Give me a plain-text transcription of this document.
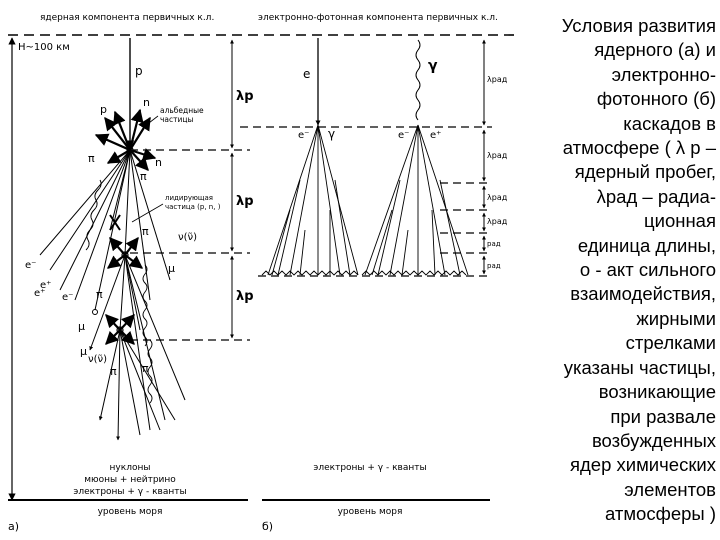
ядерная компонента первичных к.л.
H~100 км
p
p
n
альбедные
частицы
n
π
лидирующая
частица (p, n, )
λp
λp
λp
π
π
π
π
π
μ
μ
μ
ν(ν̃)
ν(ν̃)
e⁻
e⁺
e⁻
e⁺
нуклоны
мюоны + нейтрино
электроны + γ - кванты
уровень моря
а)
электронно-фотонная компонента первичных к.л.
e	γ
e⁻ γ	e⁻ e⁺
λрад
λрад
λрад
λрад
рад
рад
электроны + γ - кванты
уровень моря
б)
Условия развития
ядерного (а) и
электронно-
фотонного (б)
каскадов в
атмосфере ( λ р –
ядерный пробег,
λрад – радиа-
ционная
единица длины,
о - акт сильного
взаимодействия,
жирными
стрелками
указаны частицы,
возникающие
при развале
возбужденных
ядер химических
элементов
атмосферы )
